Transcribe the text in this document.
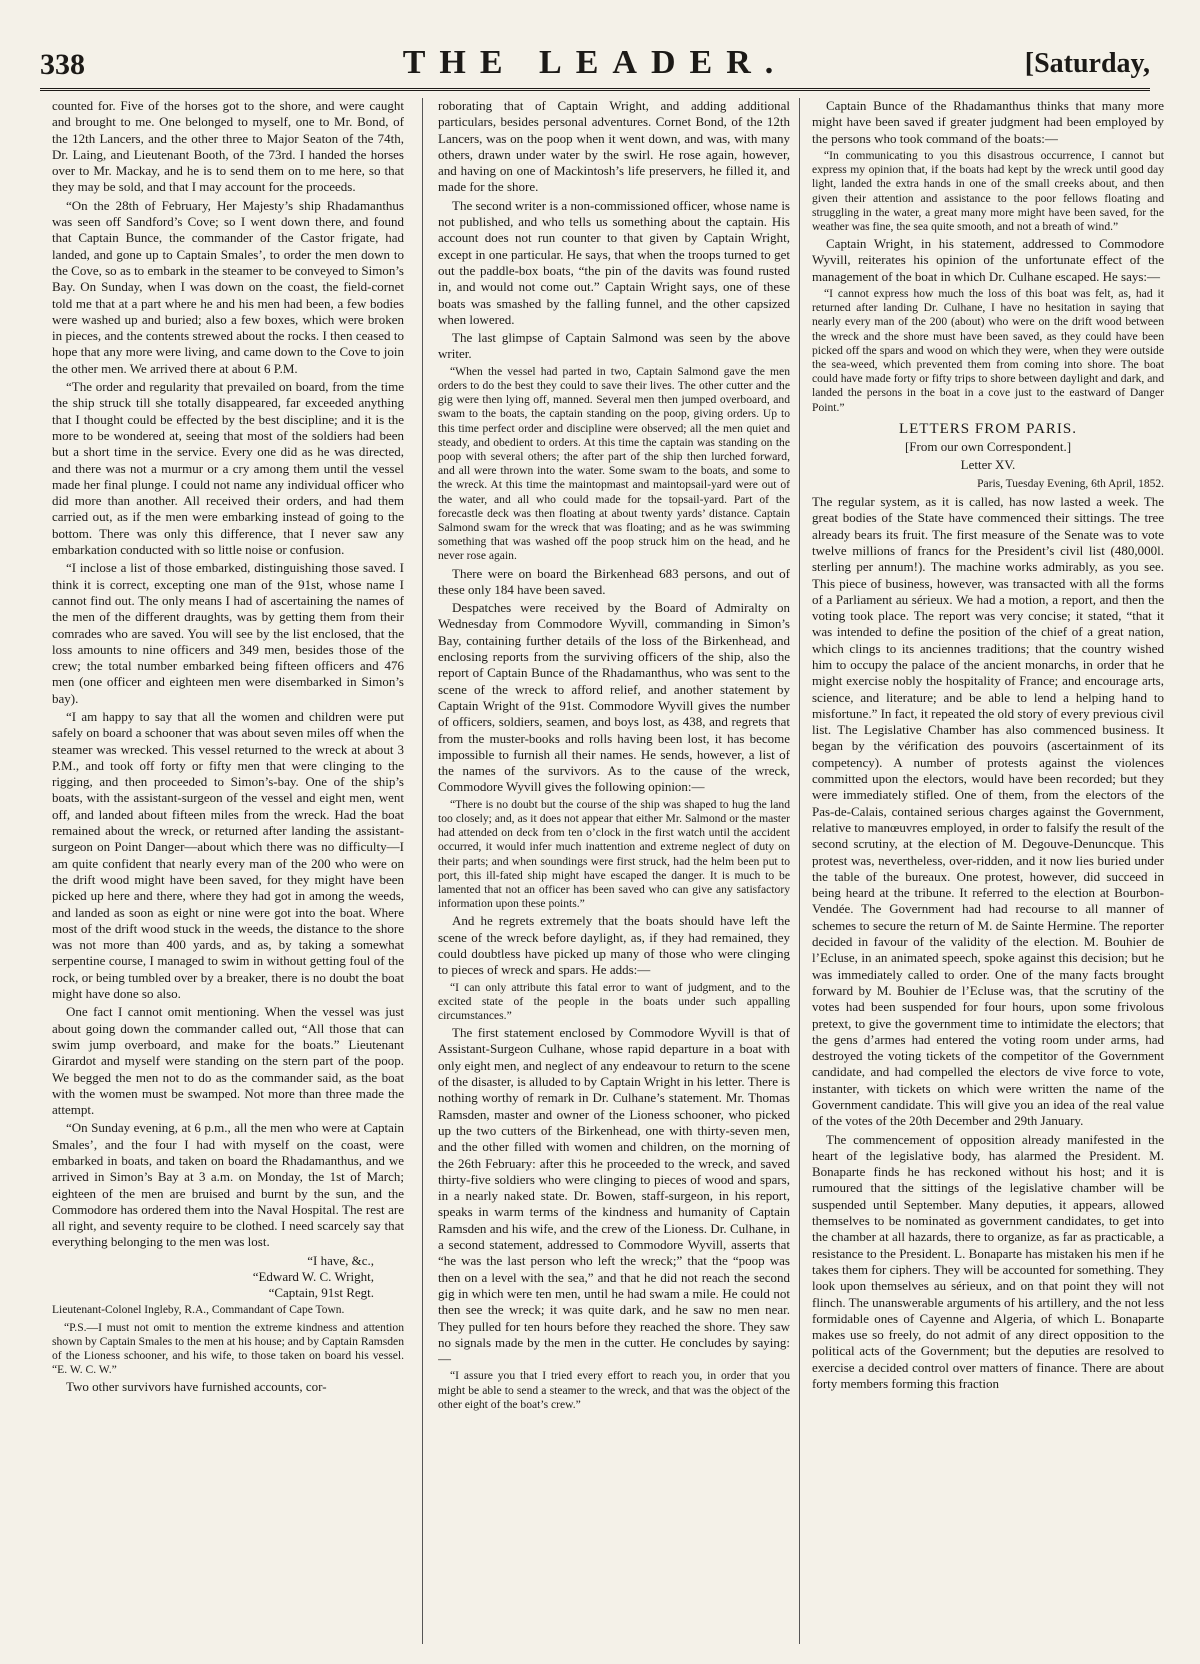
338	THE LEADER.	[Saturday,

counted for. Five of the horses got to the shore, and were caught and brought to me. One belonged to myself, one to Mr. Bond, of the 12th Lancers, and the other three to Major Seaton of the 74th, Dr. Laing, and Lieutenant Booth, of the 73rd. I handed the horses over to Mr. Mackay, and he is to send them on to me here, so that they may be sold, and that I may account for the proceeds.

“On the 28th of February, Her Majesty’s ship Rhadamanthus was seen off Sandford’s Cove; so I went down there, and found that Captain Bunce, the commander of the Castor frigate, had landed, and gone up to Captain Smales’, to order the men down to the Cove, so as to embark in the steamer to be conveyed to Simon’s Bay. On Sunday, when I was down on the coast, the field-cornet told me that at a part where he and his men had been, a few bodies were washed up and buried; also a few boxes, which were broken in pieces, and the contents strewed about the rocks. I then ceased to hope that any more were living, and came down to the Cove to join the other men. We arrived there at about 6 P.M.

“The order and regularity that prevailed on board, from the time the ship struck till she totally disappeared, far exceeded anything that I thought could be effected by the best discipline; and it is the more to be wondered at, seeing that most of the soldiers had been but a short time in the service. Every one did as he was directed, and there was not a murmur or a cry among them until the vessel made her final plunge. I could not name any individual officer who did more than another. All received their orders, and had them carried out, as if the men were embarking instead of going to the bottom. There was only this difference, that I never saw any embarkation conducted with so little noise or confusion.

“I inclose a list of those embarked, distinguishing those saved. I think it is correct, excepting one man of the 91st, whose name I cannot find out. The only means I had of ascertaining the names of the men of the different draughts, was by getting them from their comrades who are saved. You will see by the list enclosed, that the loss amounts to nine officers and 349 men, besides those of the crew; the total number embarked being fifteen officers and 476 men (one officer and eighteen men were disembarked in Simon’s bay).

“I am happy to say that all the women and children were put safely on board a schooner that was about seven miles off when the steamer was wrecked. This vessel returned to the wreck at about 3 P.M., and took off forty or fifty men that were clinging to the rigging, and then proceeded to Simon’s-bay. One of the ship’s boats, with the assistant-surgeon of the vessel and eight men, went off, and landed about fifteen miles from the wreck. Had the boat remained about the wreck, or returned after landing the assistant-surgeon on Point Danger—about which there was no difficulty—I am quite confident that nearly every man of the 200 who were on the drift wood might have been saved, for they might have been picked up here and there, where they had got in among the weeds, and landed as soon as eight or nine were got into the boat. Where most of the drift wood stuck in the weeds, the distance to the shore was not more than 400 yards, and as, by taking a somewhat serpentine course, I managed to swim in without getting foul of the rock, or being tumbled over by a breaker, there is no doubt the boat might have done so also.

One fact I cannot omit mentioning. When the vessel was just about going down the commander called out, “All those that can swim jump overboard, and make for the boats.” Lieutenant Girardot and myself were standing on the stern part of the poop. We begged the men not to do as the commander said, as the boat with the women must be swamped. Not more than three made the attempt.

“On Sunday evening, at 6 p.m., all the men who were at Captain Smales’, and the four I had with myself on the coast, were embarked in boats, and taken on board the Rhadamanthus, and we arrived in Simon’s Bay at 3 a.m. on Monday, the 1st of March; eighteen of the men are bruised and burnt by the sun, and the Commodore has ordered them into the Naval Hospital. The rest are all right, and seventy require to be clothed. I need scarcely say that everything belonging to the men was lost.

“I have, &c.,

“Edward W. C. Wright,

“Captain, 91st Regt.

Lieutenant-Colonel Ingleby, R.A., Commandant of Cape Town.

“P.S.—I must not omit to mention the extreme kindness and attention shown by Captain Smales to the men at his house; and by Captain Ramsden of the Lioness schooner, and his wife, to those taken on board his vessel. “E. W. C. W.”

Two other survivors have furnished accounts, cor-

roborating that of Captain Wright, and adding additional particulars, besides personal adventures. Cornet Bond, of the 12th Lancers, was on the poop when it went down, and was, with many others, drawn under water by the swirl. He rose again, however, and having on one of Mackintosh’s life preservers, he filled it, and made for the shore.

The second writer is a non-commissioned officer, whose name is not published, and who tells us something about the captain. His account does not run counter to that given by Captain Wright, except in one particular. He says, that when the troops turned to get out the paddle-box boats, “the pin of the davits was found rusted in, and would not come out.” Captain Wright says, one of these boats was smashed by the falling funnel, and the other capsized when lowered.

The last glimpse of Captain Salmond was seen by the above writer.

“When the vessel had parted in two, Captain Salmond gave the men orders to do the best they could to save their lives. The other cutter and the gig were then lying off, manned. Several men then jumped overboard, and swam to the boats, the captain standing on the poop, giving orders. Up to this time perfect order and discipline were observed; all the men quiet and steady, and obedient to orders. At this time the captain was standing on the poop with several others; the after part of the ship then lurched forward, and all were thrown into the water. Some swam to the boats, and some to the wreck. At this time the maintopmast and maintopsail-yard were out of the water, and all who could made for the topsail-yard. Part of the forecastle deck was then floating at about twenty yards’ distance. Captain Salmond swam for the wreck that was floating; and as he was swimming something that was washed off the poop struck him on the head, and he never rose again.

There were on board the Birkenhead 683 persons, and out of these only 184 have been saved.

Despatches were received by the Board of Admiralty on Wednesday from Commodore Wyvill, commanding in Simon’s Bay, containing further details of the loss of the Birkenhead, and enclosing reports from the surviving officers of the ship, also the report of Captain Bunce of the Rhadamanthus, who was sent to the scene of the wreck to afford relief, and another statement by Captain Wright of the 91st. Commodore Wyvill gives the number of officers, soldiers, seamen, and boys lost, as 438, and regrets that from the muster-books and rolls having been lost, it has become impossible to furnish all their names. He sends, however, a list of the names of the survivors. As to the cause of the wreck, Commodore Wyvill gives the following opinion:—

“There is no doubt but the course of the ship was shaped to hug the land too closely; and, as it does not appear that either Mr. Salmond or the master had attended on deck from ten o’clock in the first watch until the accident occurred, it would infer much inattention and extreme neglect of duty on their parts; and when soundings were first struck, had the helm been put to port, this ill-fated ship might have escaped the danger. It is much to be lamented that not an officer has been saved who can give any satisfactory information upon these points.”

And he regrets extremely that the boats should have left the scene of the wreck before daylight, as, if they had remained, they could doubtless have picked up many of those who were clinging to pieces of wreck and spars. He adds:—

“I can only attribute this fatal error to want of judgment, and to the excited state of the people in the boats under such appalling circumstances.”

The first statement enclosed by Commodore Wyvill is that of Assistant-Surgeon Culhane, whose rapid departure in a boat with only eight men, and neglect of any endeavour to return to the scene of the disaster, is alluded to by Captain Wright in his letter. There is nothing worthy of remark in Dr. Culhane’s statement. Mr. Thomas Ramsden, master and owner of the Lioness schooner, who picked up the two cutters of the Birkenhead, one with thirty-seven men, and the other filled with women and children, on the morning of the 26th February: after this he proceeded to the wreck, and saved thirty-five soldiers who were clinging to pieces of wood and spars, in a nearly naked state. Dr. Bowen, staff-surgeon, in his report, speaks in warm terms of the kindness and humanity of Captain Ramsden and his wife, and the crew of the Lioness. Dr. Culhane, in a second statement, addressed to Commodore Wyvill, asserts that “he was the last person who left the wreck;” that the “poop was then on a level with the sea,” and that he did not reach the second gig in which were ten men, until he had swam a mile. He could not then see the wreck; it was quite dark, and he saw no men near. They pulled for ten hours before they reached the shore. They saw no signals made by the men in the cutter. He concludes by saying:—

“I assure you that I tried every effort to reach you, in order that you might be able to send a steamer to the wreck, and that was the object of the other eight of the boat’s crew.”

Captain Bunce of the Rhadamanthus thinks that many more might have been saved if greater judgment had been employed by the persons who took command of the boats:—

“In communicating to you this disastrous occurrence, I cannot but express my opinion that, if the boats had kept by the wreck until good day light, landed the extra hands in one of the small creeks about, and then given their attention and assistance to the poor fellows floating and struggling in the water, a great many more might have been saved, for the weather was fine, the sea quite smooth, and not a breath of wind.”

Captain Wright, in his statement, addressed to Commodore Wyvill, reiterates his opinion of the unfortunate effect of the management of the boat in which Dr. Culhane escaped. He says:—

“I cannot express how much the loss of this boat was felt, as, had it returned after landing Dr. Culhane, I have no hesitation in saying that nearly every man of the 200 (about) who were on the drift wood between the wreck and the shore must have been saved, as they could have been picked off the spars and wood on which they were, when they were outside the sea-weed, which prevented them from coming into shore. The boat could have made forty or fifty trips to shore between daylight and dark, and landed the persons in the boat in a cove just to the eastward of Danger Point.”

LETTERS FROM PARIS.

[From our own Correspondent.]

Letter XV.

Paris, Tuesday Evening, 6th April, 1852.

The regular system, as it is called, has now lasted a week. The great bodies of the State have commenced their sittings. The tree already bears its fruit. The first measure of the Senate was to vote twelve millions of francs for the President’s civil list (480,000l. sterling per annum!). The machine works admirably, as you see. This piece of business, however, was transacted with all the forms of a Parliament au sérieux. We had a motion, a report, and then the voting took place. The report was very concise; it stated, “that it was intended to define the position of the chief of a great nation, which clings to its anciennes traditions; that the country wished him to occupy the palace of the ancient monarchs, in order that he might exercise nobly the hospitality of France; and encourage arts, science, and literature; and be able to lend a helping hand to misfortune.” In fact, it repeated the old story of every previous civil list. The Legislative Chamber has also commenced business. It began by the vérification des pouvoirs (ascertainment of its competency). A number of protests against the violences committed upon the electors, would have been recorded; but they were immediately stifled. One of them, from the electors of the Pas-de-Calais, contained serious charges against the Government, relative to manœuvres employed, in order to falsify the result of the second scrutiny, at the election of M. Degouve-Denuncque. This protest was, nevertheless, over-ridden, and it now lies buried under the table of the bureaux. One protest, however, did succeed in being heard at the tribune. It referred to the election at Bourbon-Vendée. The Government had had recourse to all manner of schemes to secure the return of M. de Sainte Hermine. The reporter decided in favour of the validity of the election. M. Bouhier de l’Ecluse, in an animated speech, spoke against this decision; but he was immediately called to order. One of the many facts brought forward by M. Bouhier de l’Ecluse was, that the scrutiny of the votes had been suspended for four hours, upon some frivolous pretext, to give the government time to intimidate the electors; that the gens d’armes had entered the voting room under arms, had destroyed the voting tickets of the competitor of the Government candidate, and had compelled the electors de vive force to vote, instanter, with tickets on which were written the name of the Government candidate. This will give you an idea of the real value of the votes of the 20th December and 29th January.

The commencement of opposition already manifested in the heart of the legislative body, has alarmed the President. M. Bonaparte finds he has reckoned without his host; and it is rumoured that the sittings of the legislative chamber will be suspended until September. Many deputies, it appears, allowed themselves to be nominated as government candidates, to get into the chamber at all hazards, there to organize, as far as practicable, a resistance to the President. L. Bonaparte has mistaken his men if he takes them for ciphers. They will be accounted for something. They look upon themselves au sérieux, and on that point they will not flinch. The unanswerable arguments of his artillery, and the not less formidable ones of Cayenne and Algeria, of which L. Bonaparte makes use so freely, do not admit of any direct opposition to the political acts of the Government; but the deputies are resolved to exercise a decided control over matters of finance. There are about forty members forming this fraction
